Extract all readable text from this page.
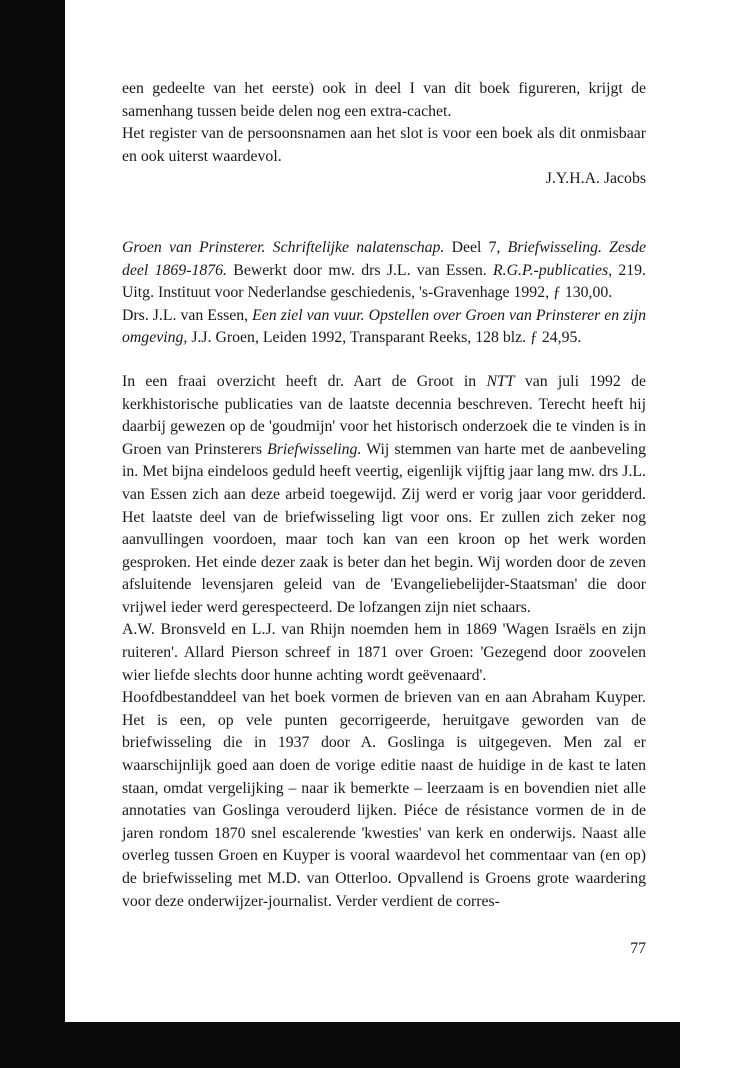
een gedeelte van het eerste) ook in deel I van dit boek figureren, krijgt de samenhang tussen beide delen nog een extra-cachet.

Het register van de persoonsnamen aan het slot is voor een boek als dit onmisbaar en ook uiterst waardevol.

J.Y.H.A. Jacobs

Groen van Prinsterer. Schriftelijke nalatenschap. Deel 7, Briefwisseling. Zesde deel 1869-1876. Bewerkt door mw. drs J.L. van Essen. R.G.P.-publicaties, 219. Uitg. Instituut voor Nederlandse geschiedenis, 's-Gravenhage 1992, ƒ 130,00.

Drs. J.L. van Essen, Een ziel van vuur. Opstellen over Groen van Prinsterer en zijn omgeving, J.J. Groen, Leiden 1992, Transparant Reeks, 128 blz. ƒ 24,95.

In een fraai overzicht heeft dr. Aart de Groot in NTT van juli 1992 de kerkhistorische publicaties van de laatste decennia beschreven. Terecht heeft hij daarbij gewezen op de 'goudmijn' voor het historisch onderzoek die te vinden is in Groen van Prinsterers Briefwisseling. Wij stemmen van harte met de aanbeveling in. Met bijna eindeloos geduld heeft veertig, eigenlijk vijftig jaar lang mw. drs J.L. van Essen zich aan deze arbeid toegewijd. Zij werd er vorig jaar voor geridderd. Het laatste deel van de briefwisseling ligt voor ons. Er zullen zich zeker nog aanvullingen voordoen, maar toch kan van een kroon op het werk worden gesproken. Het einde dezer zaak is beter dan het begin. Wij worden door de zeven afsluitende levensjaren geleid van de 'Evangeliebelijder-Staatsman' die door vrijwel ieder werd gerespecteerd. De lofzangen zijn niet schaars.

A.W. Bronsveld en L.J. van Rhijn noemden hem in 1869 'Wagen Israëls en zijn ruiteren'. Allard Pierson schreef in 1871 over Groen: 'Gezegend door zoovelen wier liefde slechts door hunne achting wordt geëvenaard'.

Hoofdbestanddeel van het boek vormen de brieven van en aan Abraham Kuyper. Het is een, op vele punten gecorrigeerde, heruitgave geworden van de briefwisseling die in 1937 door A. Goslinga is uitgegeven. Men zal er waarschijnlijk goed aan doen de vorige editie naast de huidige in de kast te laten staan, omdat vergelijking – naar ik bemerkte – leerzaam is en bovendien niet alle annotaties van Goslinga verouderd lijken. Piéce de résistance vormen de in de jaren rondom 1870 snel escalerende 'kwesties' van kerk en onderwijs. Naast alle overleg tussen Groen en Kuyper is vooral waardevol het commentaar van (en op) de briefwisseling met M.D. van Otterloo. Opvallend is Groens grote waardering voor deze onderwijzer-journalist. Verder verdient de corres-

77
